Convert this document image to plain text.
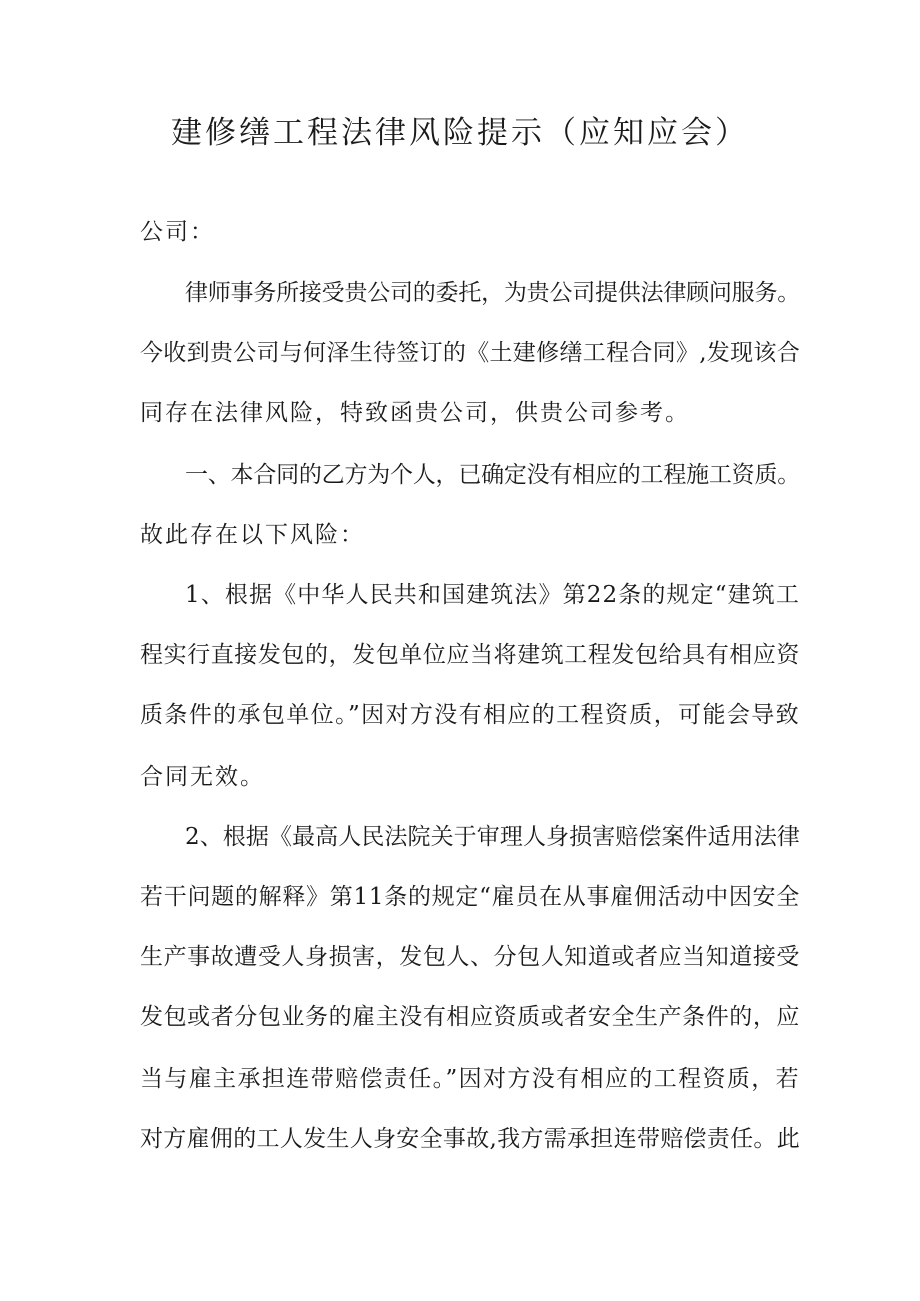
建修缮工程法律风险提示（应知应会）
公司：
律师事务所接受贵公司的委托，为贵公司提供法律顾问服务。
今收到贵公司与何泽生待签订的《土建修缮工程合同》,发现该合
同存在法律风险，特致函贵公司，供贵公司参考。
一、本合同的乙方为个人，已确定没有相应的工程施工资质。
故此存在以下风险：
1、根据《中华人民共和国建筑法》第22条的规定“建筑工
程实行直接发包的，发包单位应当将建筑工程发包给具有相应资
质条件的承包单位。”因对方没有相应的工程资质，可能会导致
合同无效。
2、根据《最高人民法院关于审理人身损害赔偿案件适用法律
若干问题的解释》第11条的规定“雇员在从事雇佣活动中因安全
生产事故遭受人身损害，发包人、分包人知道或者应当知道接受
发包或者分包业务的雇主没有相应资质或者安全生产条件的，应
当与雇主承担连带赔偿责任。”因对方没有相应的工程资质，若
对方雇佣的工人发生人身安全事故,我方需承担连带赔偿责任。此
